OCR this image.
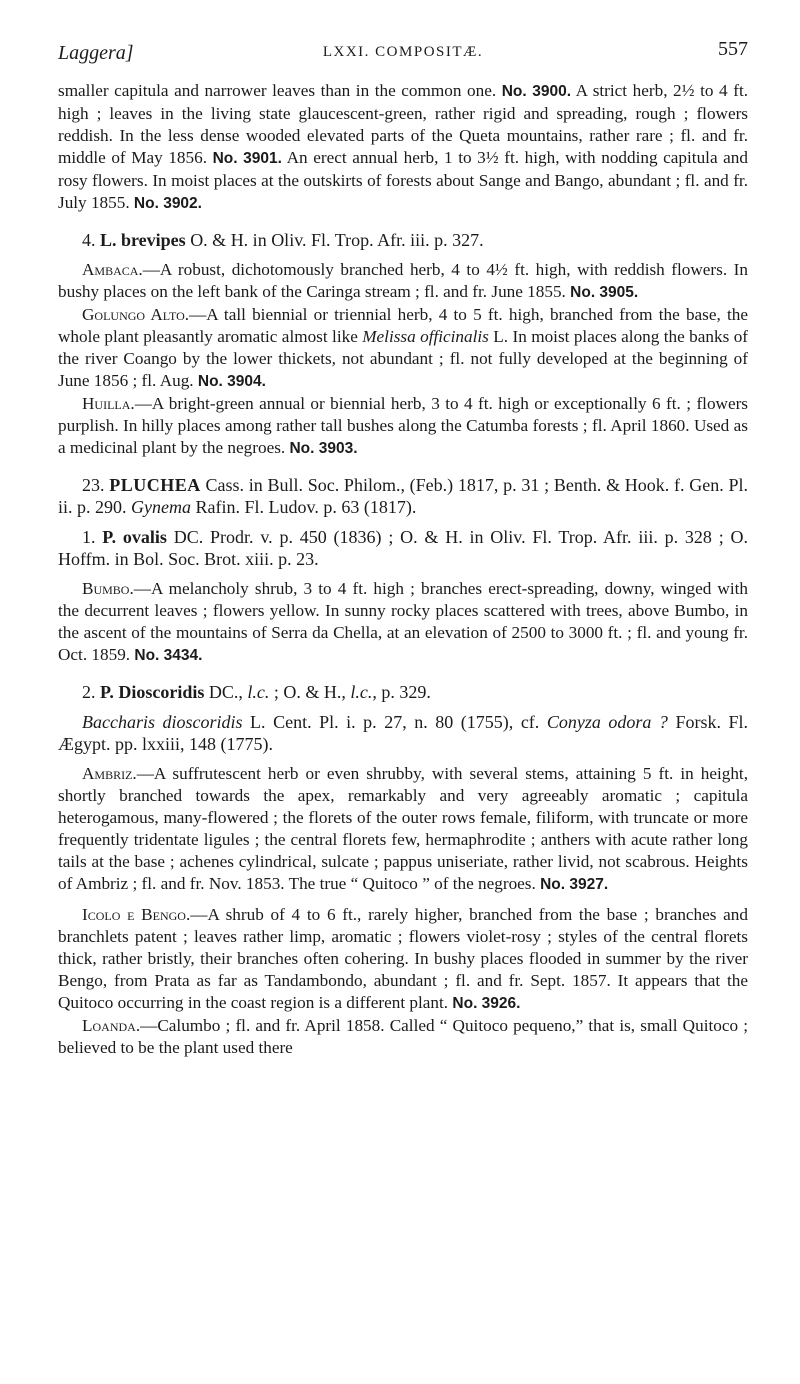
Laggera]	LXXI. COMPOSITÆ.	557

smaller capitula and narrower leaves than in the common one. No. 3900. A strict herb, 2½ to 4 ft. high ; leaves in the living state glaucescent-green, rather rigid and spreading, rough ; flowers reddish. In the less dense wooded elevated parts of the Queta mountains, rather rare ; fl. and fr. middle of May 1856. No. 3901. An erect annual herb, 1 to 3½ ft. high, with nodding capitula and rosy flowers. In moist places at the outskirts of forests about Sange and Bango, abundant ; fl. and fr. July 1855. No. 3902.

4. L. brevipes O. & H. in Oliv. Fl. Trop. Afr. iii. p. 327.

Ambaca.—A robust, dichotomously branched herb, 4 to 4½ ft. high, with reddish flowers. In bushy places on the left bank of the Caringa stream ; fl. and fr. June 1855. No. 3905.

Golungo Alto.—A tall biennial or triennial herb, 4 to 5 ft. high, branched from the base, the whole plant pleasantly aromatic almost like Melissa officinalis L. In moist places along the banks of the river Coango by the lower thickets, not abundant ; fl. not fully developed at the beginning of June 1856 ; fl. Aug. No. 3904.

Huilla.—A bright-green annual or biennial herb, 3 to 4 ft. high or exceptionally 6 ft. ; flowers purplish. In hilly places among rather tall bushes along the Catumba forests ; fl. April 1860. Used as a medicinal plant by the negroes. No. 3903.

23. PLUCHEA Cass. in Bull. Soc. Philom., (Feb.) 1817, p. 31 ; Benth. & Hook. f. Gen. Pl. ii. p. 290. Gynema Rafin. Fl. Ludov. p. 63 (1817).

1. P. ovalis DC. Prodr. v. p. 450 (1836) ; O. & H. in Oliv. Fl. Trop. Afr. iii. p. 328 ; O. Hoffm. in Bol. Soc. Brot. xiii. p. 23.

Bumbo.—A melancholy shrub, 3 to 4 ft. high ; branches erect-spreading, downy, winged with the decurrent leaves ; flowers yellow. In sunny rocky places scattered with trees, above Bumbo, in the ascent of the mountains of Serra da Chella, at an elevation of 2500 to 3000 ft. ; fl. and young fr. Oct. 1859. No. 3434.

2. P. Dioscoridis DC., l.c. ; O. & H., l.c., p. 329.

Baccharis dioscoridis L. Cent. Pl. i. p. 27, n. 80 (1755), cf. Conyza odora ? Forsk. Fl. Ægypt. pp. lxxiii, 148 (1775).

Ambriz.—A suffrutescent herb or even shrubby, with several stems, attaining 5 ft. in height, shortly branched towards the apex, remarkably and very agreeably aromatic ; capitula heterogamous, many-flowered ; the florets of the outer rows female, filiform, with truncate or more frequently tridentate ligules ; the central florets few, hermaphrodite ; anthers with acute rather long tails at the base ; achenes cylindrical, sulcate ; pappus uniseriate, rather livid, not scabrous. Heights of Ambriz ; fl. and fr. Nov. 1853. The true “ Quitoco ” of the negroes. No. 3927.

Icolo e Bengo.—A shrub of 4 to 6 ft., rarely higher, branched from the base ; branches and branchlets patent ; leaves rather limp, aromatic ; flowers violet-rosy ; styles of the central florets thick, rather bristly, their branches often cohering. In bushy places flooded in summer by the river Bengo, from Prata as far as Tandambondo, abundant ; fl. and fr. Sept. 1857. It appears that the Quitoco occurring in the coast region is a different plant. No. 3926.

Loanda.—Calumbo ; fl. and fr. April 1858. Called “ Quitoco pequeno,” that is, small Quitoco ; believed to be the plant used there
